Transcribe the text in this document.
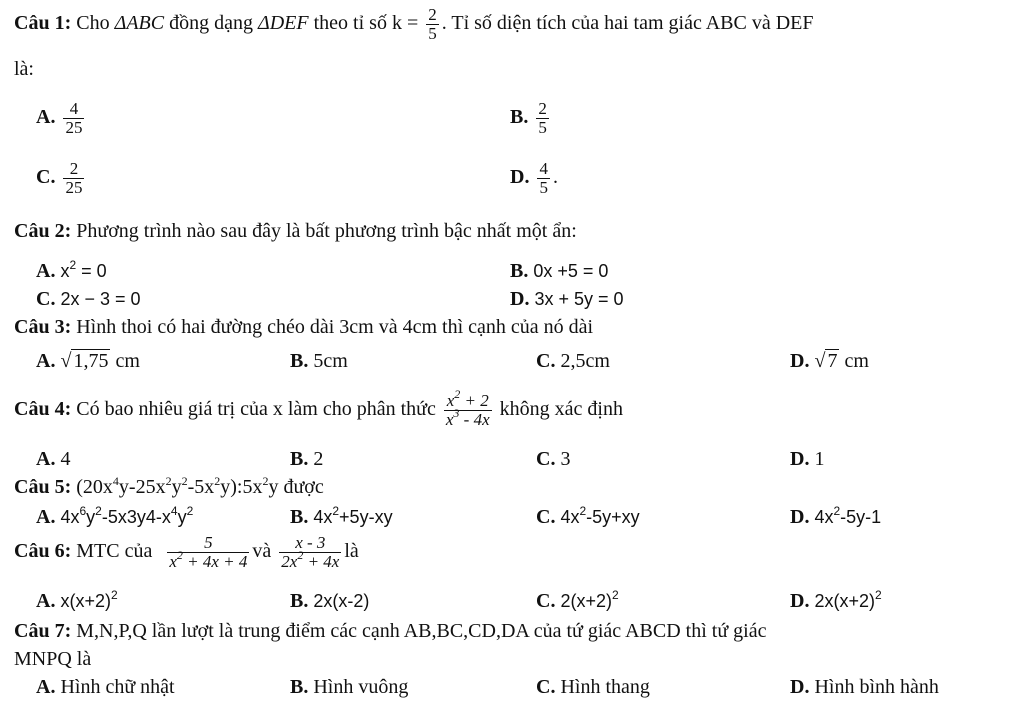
Câu 1: Cho ΔABC đồng dạng ΔDEF theo tỉ số $k = \frac{2}{5}$ . Tỉ số diện tích của hai tam giác ABC và DEF
là:
A. $\frac{4}{25}$	B. $\frac{2}{5}$
C. $\frac{2}{25}$	D. $\frac{4}{5}$ .
Câu 2: Phương trình nào sau đây là bất phương trình bậc nhất một ẩn:
A. $x^2 = 0$	B. 0x +5 = 0
C. 2x − 3 = 0	D. 3x + 5y = 0
Câu 3: Hình thoi có hai đường chéo dài 3cm và 4cm thì cạnh của nó dài
A. √ 1,75 cm	B. 5cm	C. 2,5cm	D. √ 7 cm
Câu 4: Có bao nhiêu giá trị của x làm cho phân thức $\frac{x^2 + 2}{x^3 - 4x}$ không xác định
A. 4	B. 2	C. 3	D. 1
Câu 5: $(20x^4y-25x^2y^2-5x^2y):5x^2y$ được
A. $4x^6y^2-5x3y4-x^4y^2$	B. $4x^2+5y-xy$	C. $4x^2-5y+xy$	D. $4x^2-5y-1$
Câu 6: MTC của $\frac{5}{x^2 + 4x + 4}$ và $\frac{x - 3}{2x^2 + 4x}$ là
A. $x(x+2)^2$	B. 2x(x-2)	C. $2(x+2)^2$	D. $2x(x+2)^2$
Câu 7: M,N,P,Q lần lượt là trung điểm các cạnh AB,BC,CD,DA của tứ giác ABCD thì tứ giác
MNPQ là
A. Hình chữ nhật	B. Hình vuông	C. Hình thang	D. Hình bình hành
